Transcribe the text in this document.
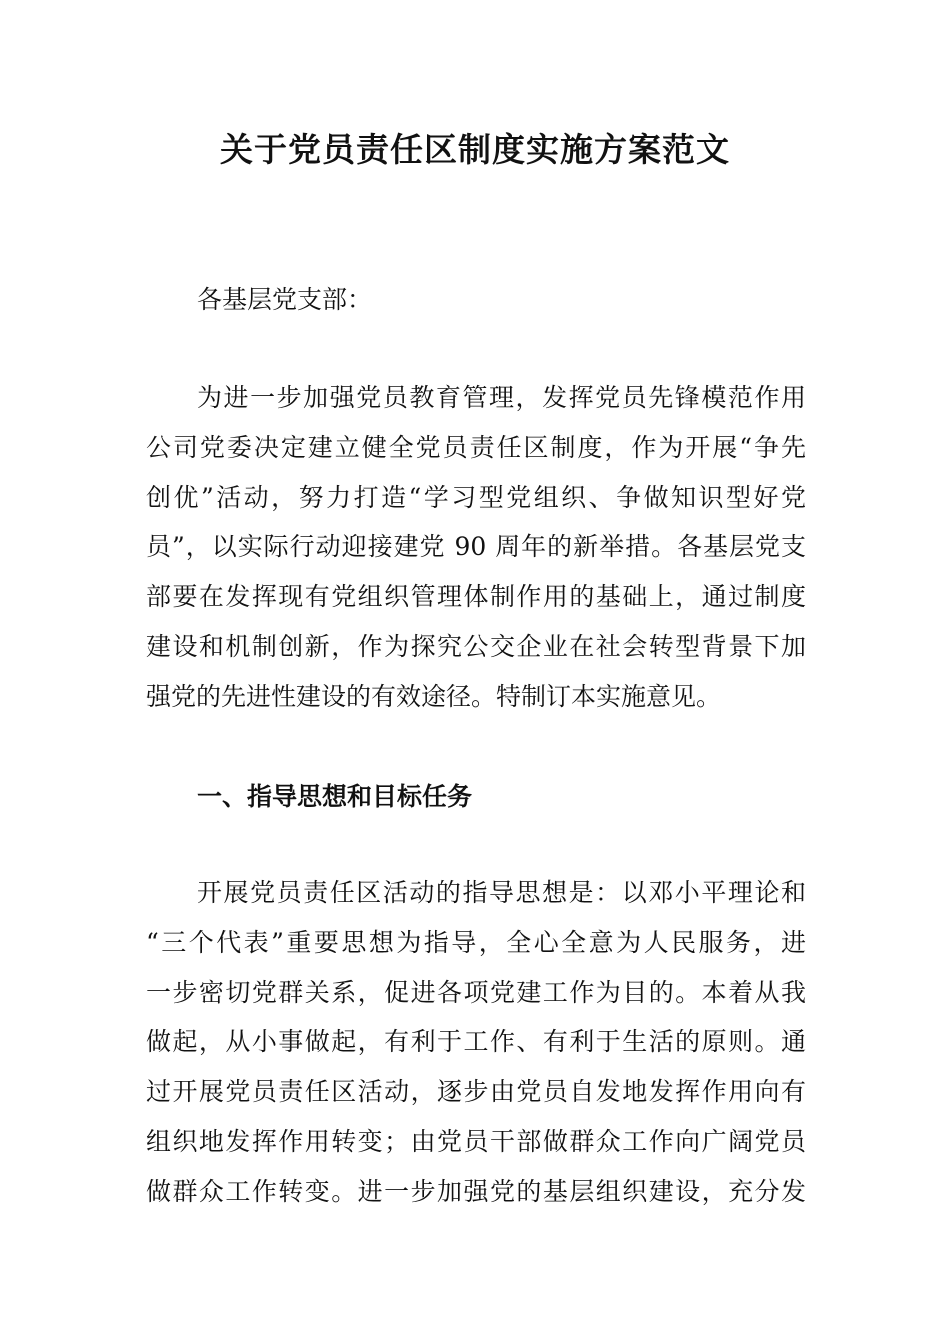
关于党员责任区制度实施方案范文

各基层党支部：

为进一步加强党员教育管理，发挥党员先锋模范作用
公司党委决定建立健全党员责任区制度，作为开展“争先
创优”活动，努力打造“学习型党组织、争做知识型好党
员”，以实际行动迎接建党 90 周年的新举措。各基层党支
部要在发挥现有党组织管理体制作用的基础上，通过制度
建设和机制创新，作为探究公交企业在社会转型背景下加
强党的先进性建设的有效途径。特制订本实施意见。
一、指导思想和目标任务
开展党员责任区活动的指导思想是：以邓小平理论和
“三个代表”重要思想为指导，全心全意为人民服务，进
一步密切党群关系，促进各项党建工作为目的。本着从我
做起，从小事做起，有利于工作、有利于生活的原则。通
过开展党员责任区活动，逐步由党员自发地发挥作用向有
组织地发挥作用转变；由党员干部做群众工作向广阔党员
做群众工作转变。进一步加强党的基层组织建设，充分发
